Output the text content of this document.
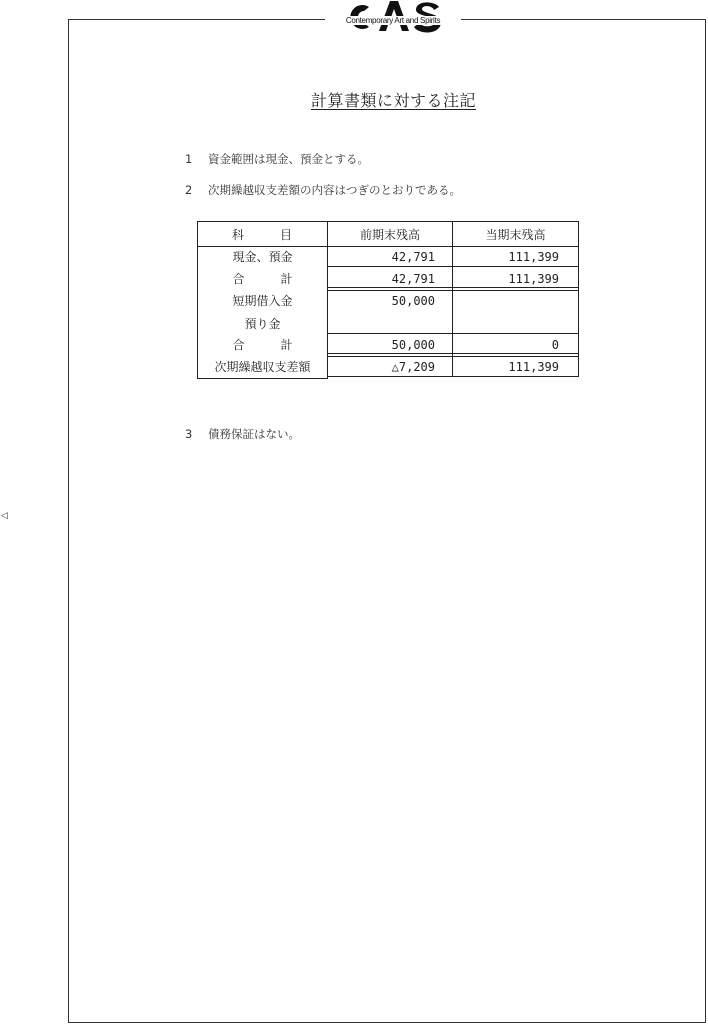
Contemporary Art and Spirits
計算書類に対する注記
1 資金範囲は現金、預金とする。
2 次期繰越収支差額の内容はつぎのとおりである。
科　　　目	前期末残高	当期末残高
現金、預金	42,791	111,399
合　　　計	42,791	111,399
短期借入金	50,000
預り金
合　　　計	50,000	0
次期繰越収支差額	△7,209	111,399
3 債務保証はない。
◁
